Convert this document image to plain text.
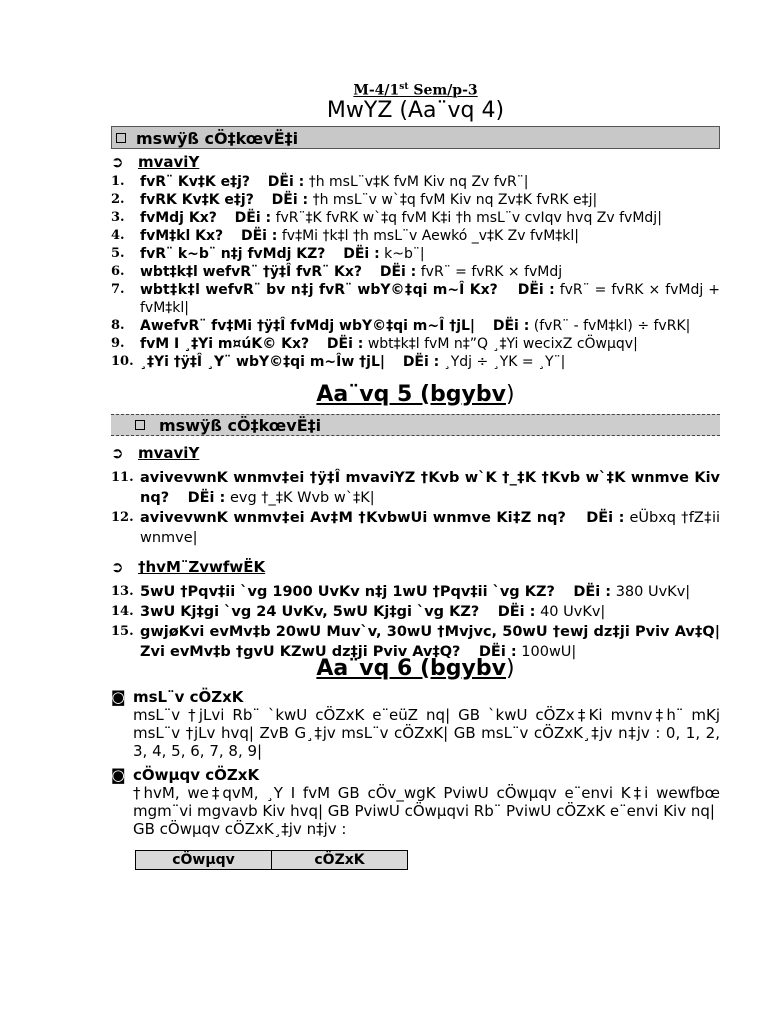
M-4/1st Sem/p-3
MwYZ (Aa¨vq 4)
mswÿß cÖ‡kœvË‡i
➲ mvaviY
1.	fvR¨ Kv‡K e‡j? DËi : †h msL¨v‡K fvM Kiv nq Zv fvR¨|
2.	fvRK Kv‡K e‡j? DËi : †h msL¨v w`‡q fvM Kiv nq Zv‡K fvRK e‡j|
3.	fvMdj Kx? DËi : fvR¨‡K fvRK w`‡q fvM K‡i †h msL¨v cvIqv hvq Zv fvMdj|
4.	fvM‡kl Kx? DËi : fv‡Mi †k‡l †h msL¨v Aewkó _v‡K Zv fvM‡kl|
5.	fvR¨ k~b¨ n‡j fvMdj KZ? DËi : k~b¨|
6.	wbt‡k‡l wefvR¨ †ÿ‡Î fvR¨ Kx? DËi : fvR¨ = fvRK × fvMdj
7.	wbt‡k‡l wefvR¨ bv n‡j fvR¨ wbY©‡qi m~Î Kx? DËi : fvR¨ = fvRK × fvMdj + fvM‡kl|
8.	AwefvR¨ fv‡Mi †ÿ‡Î fvMdj wbY©‡qi m~Î †jL| DËi : (fvR¨ - fvM‡kl) ÷ fvRK|
9.	fvM I ¸‡Yi m¤úK© Kx? DËi : wbt‡k‡l fvM n‡”Q ¸‡Yi wecixZ cÖwµqv|
10. ¸‡Yi †ÿ‡Î ¸Y¨ wbY©‡qi m~Îw †jL| DËi : ¸Ydj ÷ ¸YK = ¸Y¨|
Aa¨vq 5 (bgybv)
mswÿß cÖ‡kœvË‡i
➲ mvaviY
11. avivevwnK wnmv‡ei †ÿ‡Î mvaviYZ †Kvb w`K †_‡K †Kvb w`‡K wnmve Kiv nq? DËi : evg †_‡K Wvb w`‡K|
12. avivevwnK wnmv‡ei Av‡M †KvbwUi wnmve Ki‡Z nq? DËi : eÜbxq †fZ‡ii wnmve|
➲ †hvM¨ZvwfwËK
13. 5wU †Pqv‡ii `vg 1900 UvKv n‡j 1wU †Pqv‡ii `vg KZ? DËi : 380 UvKv|
14. 3wU Kj‡gi `vg 24 UvKv, 5wU Kj‡gi `vg KZ? DËi : 40 UvKv|
15. gwjøKvi evMv‡b 20wU Muv`v, 30wU †Mvjvc, 50wU †ewj dz‡ji Pviv Av‡Q| Zvi evMv‡b †gvU KZwU dz‡ji Pviv Av‡Q? DËi : 100wU|
Aa¨vq 6 (bgybv)
◙ msL¨v cÖZxK
msL¨v †jLvi Rb¨ `kwU cÖZxK e¨eüZ nq| GB `kwU cÖZx‡Ki mvnv‡h¨ mKj msL¨v †jLv hvq| ZvB G¸‡jv msL¨v cÖZxK| GB msL¨v cÖZxK¸‡jv n‡jv : 0, 1, 2, 3, 4, 5, 6, 7, 8, 9|
◙ cÖwµqv cÖZxK
†hvM, we‡qvM, ¸Y I fvM GB cÖv_wgK PviwU cÖwµqv e¨envi K‡i wewfbœ mgm¨vi mgvavb Kiv hvq| GB PviwU cÖwµqvi Rb¨ PviwU cÖZxK e¨envi Kiv nq|
GB cÖwµqv cÖZxK¸‡jv n‡jv :
cÖwµqv	cÖZxK
